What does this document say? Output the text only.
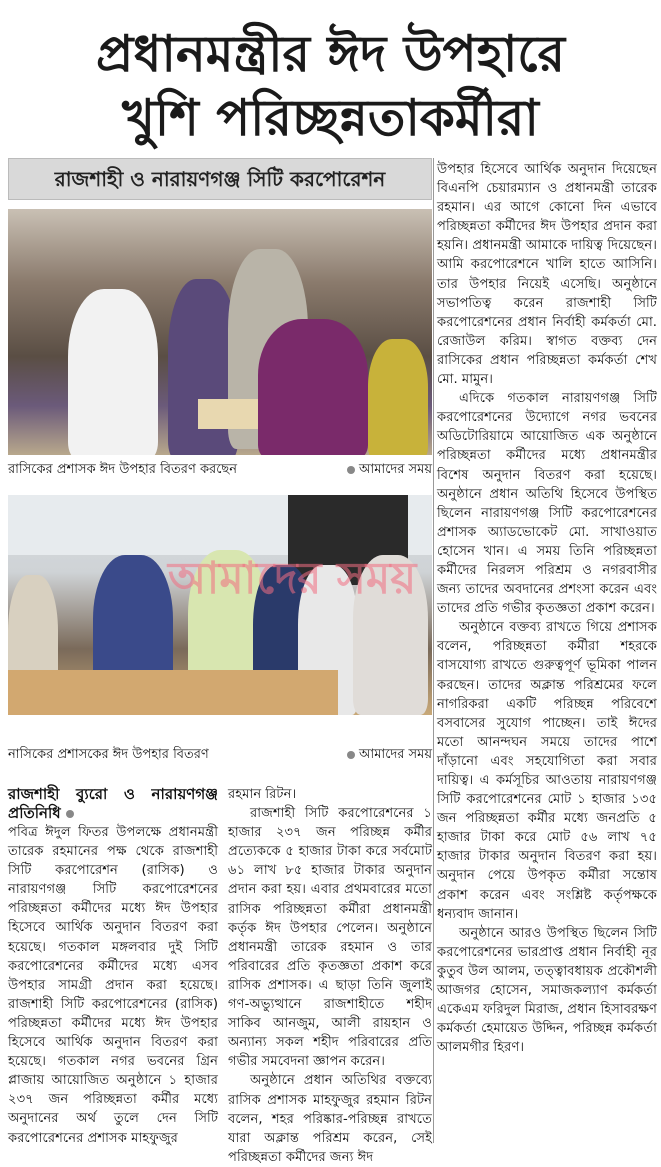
প্রধানমন্ত্রীর ঈদ উপহারে
খুশি পরিচ্ছন্নতাকর্মীরা
রাজশাহী ও নারায়ণগঞ্জ সিটি করপোরেশন
রাসিকের প্রশাসক ঈদ উপহার বিতরণ করছেন	আমাদের সময়
আমাদের সময়
নাসিকের প্রশাসকের ঈদ উপহার বিতরণ	আমাদের সময়
রাজশাহী ব্যুরো ও নারায়ণগঞ্জ প্রতিনিধি

পবিত্র ঈদুল ফিতর উপলক্ষে প্রধানমন্ত্রী তারেক রহমানের পক্ষ থেকে রাজশাহী সিটি করপোরেশন (রাসিক) ও নারায়ণগঞ্জ সিটি করপোরেশনের পরিচ্ছন্নতা কর্মীদের মধ্যে ঈদ উপহার হিসেবে আর্থিক অনুদান বিতরণ করা হয়েছে। গতকাল মঙ্গলবার দুই সিটি করপোরেশনের কর্মীদের মধ্যে এসব উপহার সামগ্রী প্রদান করা হয়েছে। রাজশাহী সিটি করপোরেশনের (রাসিক) পরিচ্ছন্নতা কর্মীদের মধ্যে ঈদ উপহার হিসেবে আর্থিক অনুদান বিতরণ করা হয়েছে। গতকাল নগর ভবনের গ্রিন প্লাজায় আয়োজিত অনুষ্ঠানে ১ হাজার ২৩৭ জন পরিচ্ছন্নতা কর্মীর মধ্যে অনুদানের অর্থ তুলে দেন সিটি করপোরেশনের প্রশাসক মাহফুজুর

রহমান রিটন।

রাজশাহী সিটি করপোরেশনের ১ হাজার ২৩৭ জন পরিচ্ছন্ন কর্মীর প্রত্যেককে ৫ হাজার টাকা করে সর্বমোট ৬১ লাখ ৮৫ হাজার টাকার অনুদান প্রদান করা হয়। এবার প্রথমবারের মতো রাসিক পরিচ্ছন্নতা কর্মীরা প্রধানমন্ত্রী কর্তৃক ঈদ উপহার পেলেন। অনুষ্ঠানে প্রধানমন্ত্রী তারেক রহমান ও তার পরিবারের প্রতি কৃতজ্ঞতা প্রকাশ করে রাসিক প্রশাসক। এ ছাড়া তিনি জুলাই গণ-অভ্যুত্থানে রাজশাহীতে শহীদ সাকিব আনজুম, আলী রায়হান ও অন্যান্য সকল শহীদ পরিবারের প্রতি গভীর সমবেদনা জ্ঞাপন করেন।

অনুষ্ঠানে প্রধান অতিথির বক্তব্যে রাসিক প্রশাসক মাহফুজুর রহমান রিটন বলেন, শহর পরিষ্কার-পরিচ্ছন্ন রাখতে যারা অক্লান্ত পরিশ্রম করেন, সেই পরিচ্ছন্নতা কর্মীদের জন্য ঈদ

উপহার হিসেবে আর্থিক অনুদান দিয়েছেন বিএনপি চেয়ারম্যান ও প্রধানমন্ত্রী তারেক রহমান। এর আগে কোনো দিন এভাবে পরিচ্ছন্নতা কর্মীদের ঈদ উপহার প্রদান করা হয়নি। প্রধানমন্ত্রী আমাকে দায়িত্ব দিয়েছেন। আমি করপোরেশনে খালি হাতে আসিনি। তার উপহার নিয়েই এসেছি। অনুষ্ঠানে সভাপতিত্ব করেন রাজশাহী সিটি করপোরেশনের প্রধান নির্বাহী কর্মকর্তা মো. রেজাউল করিম। স্বাগত বক্তব্য দেন রাসিকের প্রধান পরিচ্ছন্নতা কর্মকর্তা শেখ মো. মামুন।

এদিকে গতকাল নারায়ণগঞ্জ সিটি করপোরেশনের উদ্যোগে নগর ভবনের অডিটোরিয়ামে আয়োজিত এক অনুষ্ঠানে পরিচ্ছন্নতা কর্মীদের মধ্যে প্রধানমন্ত্রীর বিশেষ অনুদান বিতরণ করা হয়েছে। অনুষ্ঠানে প্রধান অতিথি হিসেবে উপস্থিত ছিলেন নারায়ণগঞ্জ সিটি করপোরেশনের প্রশাসক অ্যাডভোকেট মো. সাখাওয়াত হোসেন খান। এ সময় তিনি পরিচ্ছন্নতা কর্মীদের নিরলস পরিশ্রম ও নগরবাসীর জন্য তাদের অবদানের প্রশংসা করেন এবং তাদের প্রতি গভীর কৃতজ্ঞতা প্রকাশ করেন।

অনুষ্ঠানে বক্তব্য রাখতে গিয়ে প্রশাসক বলেন, পরিচ্ছন্নতা কর্মীরা শহরকে বাসযোগ্য রাখতে গুরুত্বপূর্ণ ভূমিকা পালন করছেন। তাদের অক্লান্ত পরিশ্রমের ফলে নাগরিকরা একটি পরিচ্ছন্ন পরিবেশে বসবাসের সুযোগ পাচ্ছেন। তাই ঈদের মতো আনন্দঘন সময়ে তাদের পাশে দাঁড়ানো এবং সহযোগিতা করা সবার দায়িত্ব। এ কর্মসূচির আওতায় নারায়ণগঞ্জ সিটি করপোরেশনের মোট ১ হাজার ১৩৫ জন পরিচ্ছন্নতা কর্মীর মধ্যে জনপ্রতি ৫ হাজার টাকা করে মোট ৫৬ লাখ ৭৫ হাজার টাকার অনুদান বিতরণ করা হয়। অনুদান পেয়ে উপকৃত কর্মীরা সন্তোষ প্রকাশ করেন এবং সংশ্লিষ্ট কর্তৃপক্ষকে ধন্যবাদ জানান।

অনুষ্ঠানে আরও উপস্থিত ছিলেন সিটি করপোরেশনের ভারপ্রাপ্ত প্রধান নির্বাহী নূর কুতুব উল আলম, তত্ত্বাবধায়ক প্রকৌশলী আজগর হোসেন, সমাজকল্যাণ কর্মকর্তা একেএম ফরিদুল মিরাজ, প্রধান হিসাবরক্ষণ কর্মকর্তা হেমায়েত উদ্দিন, পরিচ্ছন্ন কর্মকর্তা আলমগীর হিরণ।
